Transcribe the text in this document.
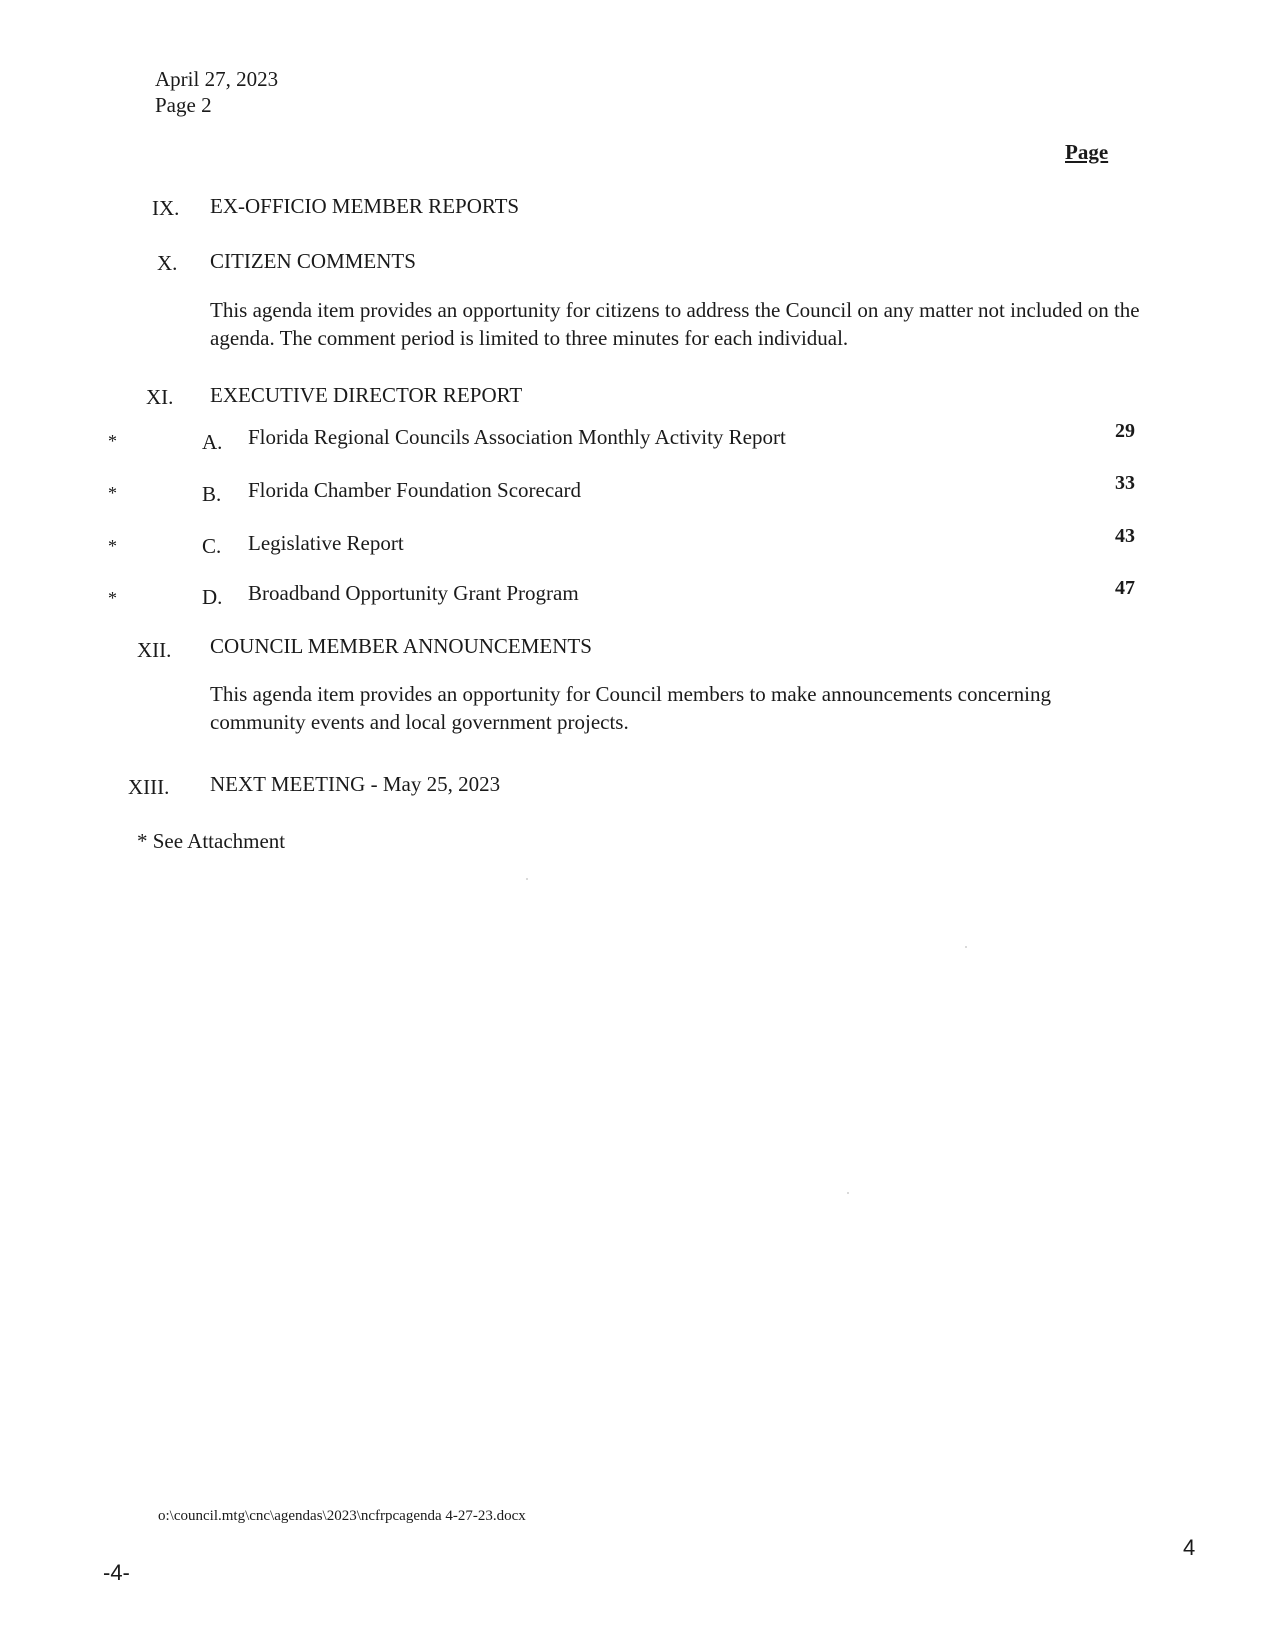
April 27, 2023
Page 2
Page
IX. EX-OFFICIO MEMBER REPORTS
X. CITIZEN COMMENTS
This agenda item provides an opportunity for citizens to address the Council on any matter not included on the agenda. The comment period is limited to three minutes for each individual.
XI. EXECUTIVE DIRECTOR REPORT
*	A. Florida Regional Councils Association Monthly Activity Report	29
*	B. Florida Chamber Foundation Scorecard	33
*	C. Legislative Report	43
*	D. Broadband Opportunity Grant Program	47
XII. COUNCIL MEMBER ANNOUNCEMENTS
This agenda item provides an opportunity for Council members to make announcements concerning community events and local government projects.
XIII. NEXT MEETING - May 25, 2023
* See Attachment
o:\council.mtg\cnc\agendas\2023\ncfrpcagenda 4-27-23.docx
4
-4-
